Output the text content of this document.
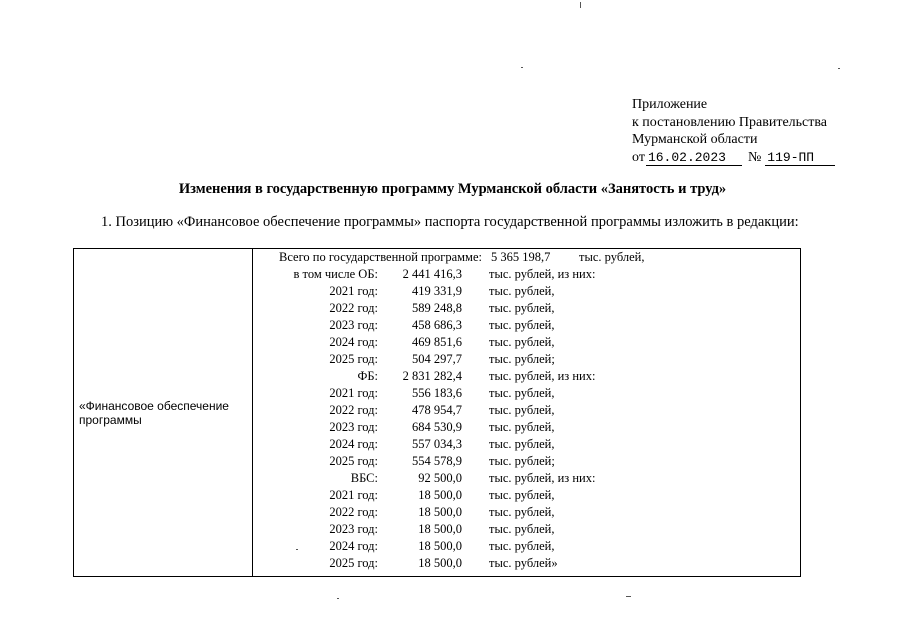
Приложение
к постановлению Правительства
Мурманской области
от 16.02.2023	№ 119-ПП
Изменения в государственную программу Мурманской области «Занятость и труд»
1. Позицию «Финансовое обеспечение программы» паспорта государственной программы изложить в редакции:
«Финансовое обеспечение программы
Всего по государственной программе: 5 365 198,7 тыс. рублей,
в том числе ОБ: 2 441 416,3 тыс. рублей, из них:
2021 год:	419 331,9 тыс. рублей,
2022 год:	589 248,8 тыс. рублей,
2023 год:	458 686,3 тыс. рублей,
2024 год:	469 851,6 тыс. рублей,
2025 год:	504 297,7 тыс. рублей;
ФБ: 2 831 282,4 тыс. рублей, из них:
2021 год:	556 183,6 тыс. рублей,
2022 год:	478 954,7 тыс. рублей,
2023 год:	684 530,9 тыс. рублей,
2024 год:	557 034,3 тыс. рублей,
2025 год:	554 578,9 тыс. рублей;
ВБС:	92 500,0 тыс. рублей, из них:
2021 год:	18 500,0 тыс. рублей,
2022 год:	18 500,0 тыс. рублей,
2023 год:	18 500,0 тыс. рублей,
2024 год:	18 500,0 тыс. рублей,
2025 год:	18 500,0 тыс. рублей»
